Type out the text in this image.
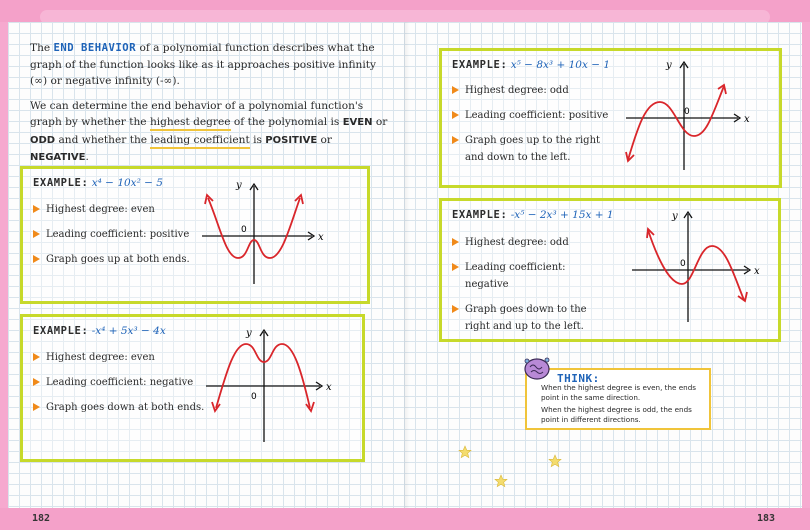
182	183

The END BEHAVIOR of a polynomial function describes what the graph of the function looks like as it approaches positive infinity (∞) or negative infinity (-∞).

We can determine the end behavior of a polynomial function's graph by whether the highest degree of the polynomial is EVEN or ODD and whether the leading coefficient is POSITIVE or NEGATIVE.

EXAMPLE: x⁴ − 10x² − 5
Highest degree: even
Leading coefficient: positive
Graph goes up at both ends.
y
x
0
EXAMPLE: -x⁴ + 5x³ − 4x
Highest degree: even
Leading coefficient: negative
Graph goes down at both ends.
y
x
0
EXAMPLE: x⁵ − 8x³ + 10x − 1
Highest degree: odd
Leading coefficient: positive
Graph goes up to the right and down to the left.
y
x
0
EXAMPLE: -x⁵ − 2x³ + 15x + 1
Highest degree: odd
Leading coefficient: negative
Graph goes down to the right and up to the left.
y
x
0
THINK:

When the highest degree is even, the ends point in the same direction.

When the highest degree is odd, the ends point in different directions.
